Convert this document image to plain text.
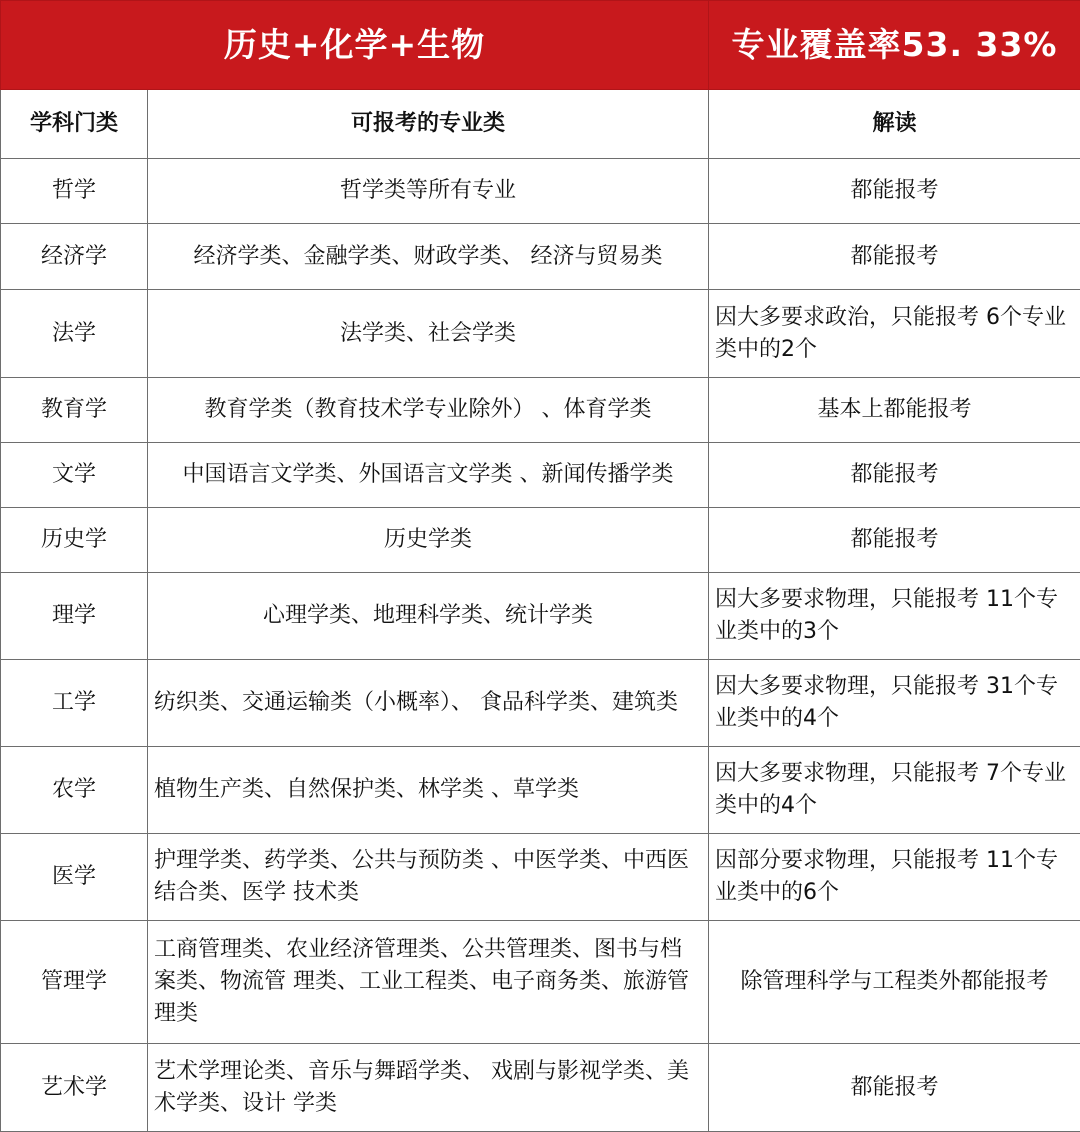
历史+化学+生物		专业覆盖率53. 33%
学科门类	可报考的专业类	解读
哲学	哲学类等所有专业	都能报考
经济学	经济学类、金融学类、财政学类、 经济与贸易类	都能报考
法学	法学类、社会学类	因大多要求政治，只能报考 6个专业类中的2个
教育学	教育学类（教育技术学专业除外） 、体育学类	基本上都能报考
文学	中国语言文学类、外国语言文学类 、新闻传播学类	都能报考
历史学	历史学类	都能报考
理学	心理学类、地理科学类、统计学类	因大多要求物理，只能报考 11个专业类中的3个
工学	纺织类、交通运输类（小概率）、 食品科学类、建筑类	因大多要求物理，只能报考 31个专业类中的4个
农学	植物生产类、自然保护类、林学类 、草学类	因大多要求物理，只能报考 7个专业类中的4个
医学	护理学类、药学类、公共与预防类 、中医学类、中西医结合类、医学 技术类	因部分要求物理，只能报考 11个专业类中的6个
管理学	工商管理类、农业经济管理类、公共管理类、图书与档案类、物流管 理类、工业工程类、电子商务类、旅游管理类	除管理科学与工程类外都能报考
艺术学	艺术学理论类、音乐与舞蹈学类、 戏剧与影视学类、美术学类、设计 学类	都能报考
